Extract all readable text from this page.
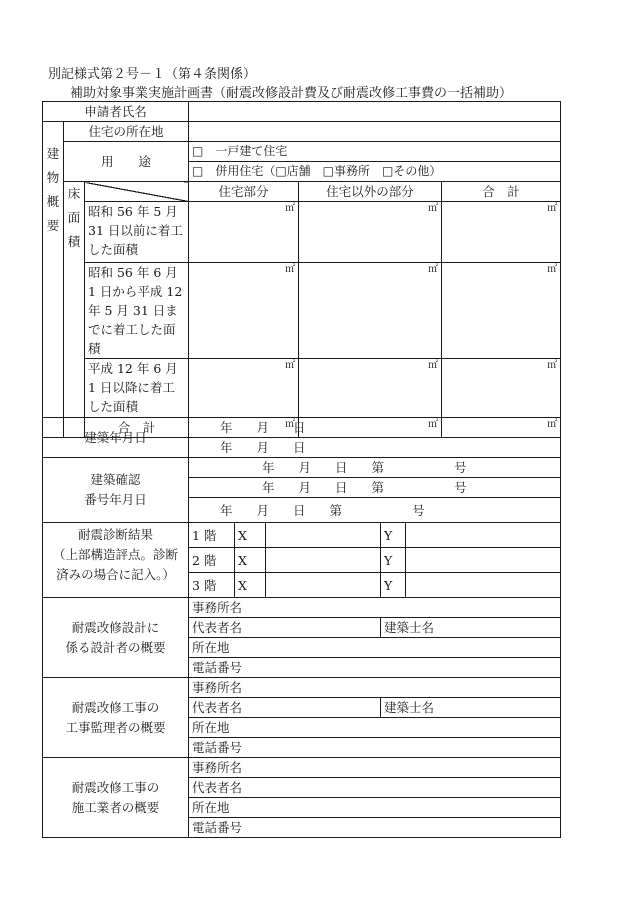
別記様式第２号－１（第４条関係）
補助対象事業実施計画書（耐震改修設計費及び耐震改修工事費の一括補助）
申請者氏名					

建
物
概
要	住宅の所在地				
	用　　途		□　一戸建て住宅		
			□　併用住宅（□店舗　□事務所　□その他）		

	床
面
積		住宅部分	住宅以外の部分	合　計
		昭和 56 年 5 月 31 日以前に着工した面積	㎡	㎡	㎡
		昭和 56 年 6 月 1 日から平成 12 年 5 月 31 日までに着工した面積	㎡	㎡	㎡
		平成 12 年 6 月 1 日以降に着工した面積	㎡	㎡	㎡
		合　計	㎡	㎡	㎡
建築年月日	年 月 日				
	年 月 日				

建築確認
番号年月日	年 月 日 第 号				
	年 月 日 第 号				
	年 月 日 第 号				

耐震診断結果
（上部構造評点。診断
済みの場合に記入。）	1 階	X		Y	
	2 階	X		Y	
	3 階	X		Y	

耐震改修設計に
係る設計者の概要	事務所名				
	代表者名			建築士名	
	所在地				
	電話番号				

耐震改修工事の
工事監理者の概要	事務所名				
	代表者名			建築士名	
	所在地				
	電話番号				

耐震改修工事の
施工業者の概要	事務所名				
	代表者名				
	所在地				
	電話番号				
